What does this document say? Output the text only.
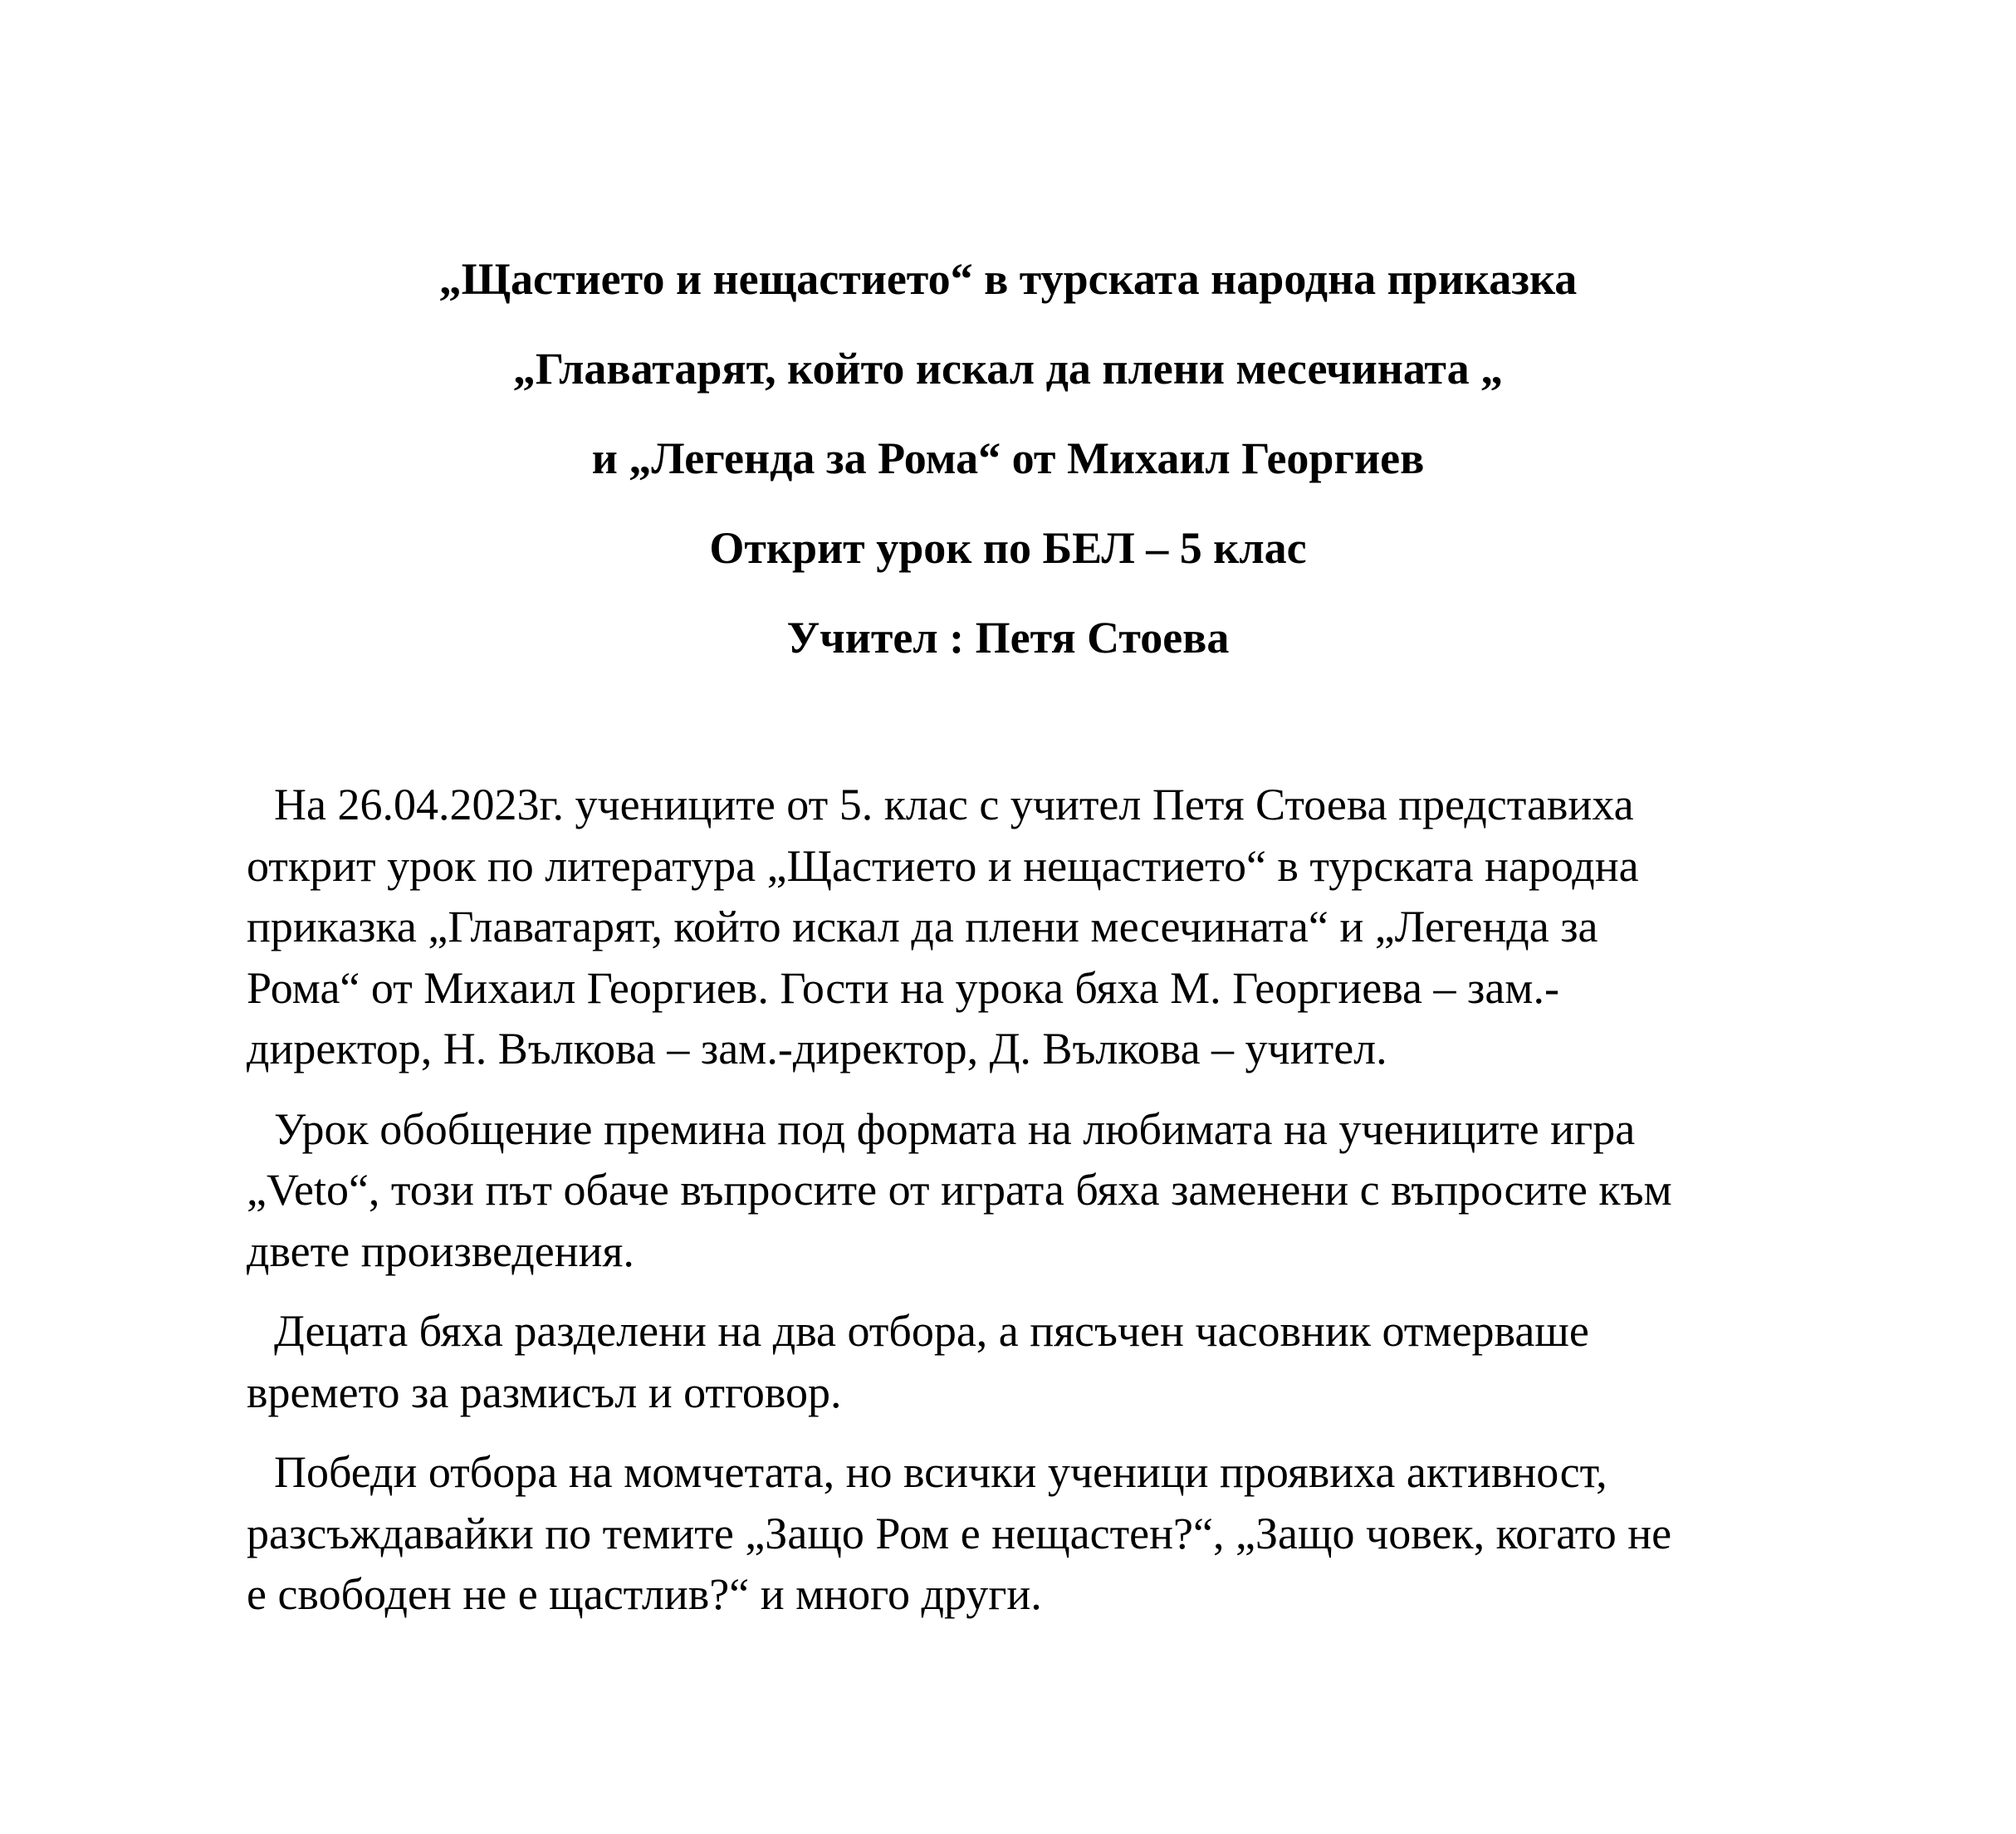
„Щастието и нещастието“ в турската народна приказка
„Главатарят, който искал да плени месечината „
и „Легенда за Рома“ от Михаил Георгиев
Открит урок по БЕЛ – 5 клас
Учител : Петя Стоева
На 26.04.2023г. учениците от 5. клас с учител Петя Стоева представиха
открит урок по литература „Щастието и нещастието“ в турската народна
приказка „Главатарят, който искал да плени месечината“ и „Легенда за
Рома“ от Михаил Георгиев. Гости на урока бяха М. Георгиева – зам.-
директор, Н. Вълкова – зам.-директор, Д. Вълкова – учител.
Урок обобщение премина под формата на любимата на учениците игра
„Veto“, този път обаче въпросите от играта бяха заменени с въпросите към
двете произведения.
Децата бяха разделени на два отбора, а пясъчен часовник отмерваше
времето за размисъл и отговор.
Победи отбора на момчетата, но всички ученици проявиха активност,
разсъждавайки по темите „Защо Ром е нещастен?“, „Защо човек, когато не
е свободен не е щастлив?“ и много други.
